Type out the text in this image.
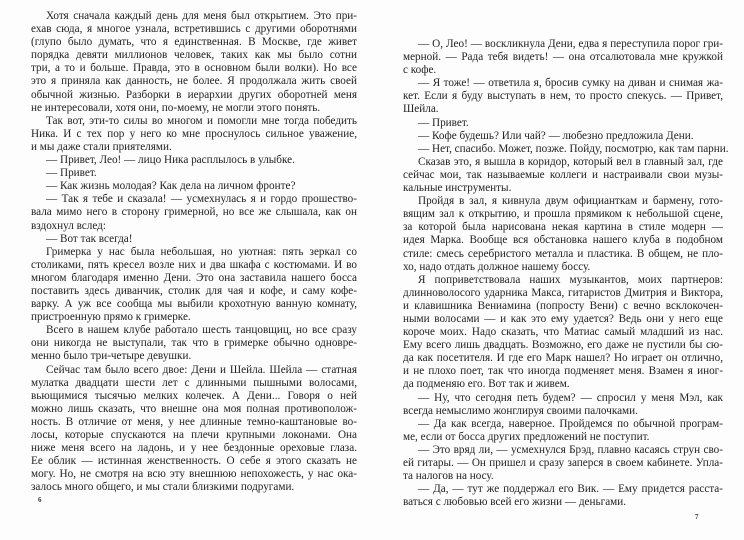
Хотя сначала каждый день для меня был открытием. Это при-
ехав сюда, я многое узнала, встретившись с другими оборотнями
(глупо было думать, что я единственная. В Москве, где живет
порядка девяти миллионов человек, таких как мы было сотни
три, а то и больше. Правда, это в основном были волки). Но все
это я приняла как данность, не более. Я продолжала жить своей
обычной жизнью. Разборки в иерархии других оборотней меня
не интересовали, хотя они, по-моему, не могли этого понять.
Так вот, эти-то силы во многом и помогли мне тогда победить
Ника. И с тех пор у него ко мне проснулось сильное уважение,
и мы даже стали приятелями.
— Привет, Лео! — лицо Ника расплылось в улыбке.
— Привет.
— Как жизнь молодая? Как дела на личном фронте?
— Так я тебе и сказала! — усмехнулась я и гордо прошество-
вала мимо него в сторону гримерной, но все же слышала, как он
вздохнул вслед:
— Вот так всегда!
Гримерка у нас была небольшая, но уютная: пять зеркал со
столиками, пять кресел возле них и два шкафа с костюмами. И во
многом благодаря именно Дени. Это она заставила нашего босса
поставить здесь диванчик, столик для чая и кофе, и саму кофе-
варку. А уж все сообща мы выбили крохотную ванную комнату,
пристроенную прямо к гримерке.
Всего в нашем клубе работало шесть танцовщиц, но все сразу
они никогда не выступали, так что в гримерке обычно одновре-
менно было три-четыре девушки.
Сейчас там было всего двое: Дени и Шейла. Шейла — статная
мулатка двадцати шести лет с длинными пышными волосами,
вьющимися тысячью мелких колечек. А Дени... Говоря о ней
можно лишь сказать, что внешне она моя полная противополож-
ность. В отличие от меня, у нее длинные темно-каштановые во-
лосы, которые спускаются на плечи крупными локонами. Она
ниже меня всего на ладонь, и у нее бездонные ореховые глаза.
Ее облик — истинная женственность. О себе я этого сказать не
могу. Но, не смотря на всю эту внешнюю непохожесть, у нас ока-
залось много общего, и мы стали близкими подругами.
— О, Лео! — воскликнула Дени, едва я переступила порог гри-
мерной. — Рада тебя видеть! — она отсалютовала мне кружкой
с кофе.
— Я тоже! — ответила я, бросив сумку на диван и снимая жа-
кет. Если я буду выступать в нем, то просто спекусь. — Привет,
Шейла.
— Привет.
— Кофе будешь? Или чай? — любезно предложила Дени.
— Нет, спасибо. Может, позже. Пойду, посмотрю, как там парни.
Сказав это, я вышла в коридор, который вел в главный зал, где
сейчас мои, так называемые коллеги и настраивали свои музы-
кальные инструменты.
Пройдя в зал, я кивнула двум официанткам и бармену, гото-
вящим зал к открытию, и прошла прямиком к небольшой сцене,
за которой была нарисована некая картина в стиле модерн —
идея Марка. Вообще вся обстановка нашего клуба в подобном
стиле: смесь серебристого металла и пластика. В общем, не пло-
хо, надо отдать должное нашему боссу.
Я поприветствовала наших музыкантов, моих партнеров:
длинноволосого ударника Макса, гитаристов Дмитрия и Виктора,
и клавишника Вениамина (попросту Вени) с вечно всклокочен-
ными волосами — и как это ему удается? Ведь они у него еще
короче моих. Надо сказать, что Матиас самый младший из нас.
Ему всего лишь двадцать. Возможно, его даже не пустили бы сю-
да как посетителя. И где его Марк нашел? Но играет он отлично,
и не плохо поет, так что иногда подменяет меня. Взамен я иног-
да подменяю его. Вот так и живем.
— Ну, что сегодня петь будем? — спросил у меня Мэл, как
всегда немыслимо жонглируя своими палочками.
— Да как всегда, наверное. Пройдемся по обычной програм-
ме, если от босса других предложений не поступит.
— Это вряд ли, — усмехнулся Брэд, плавно касаясь струн сво-
ей гитары. — Он пришел и сразу заперся в своем кабинете. Упла-
та налогов на носу.
— Да, — тут же поддержал его Вик. — Ему придется расста-
ваться с любовью всей его жизни — деньгами.
6
7
